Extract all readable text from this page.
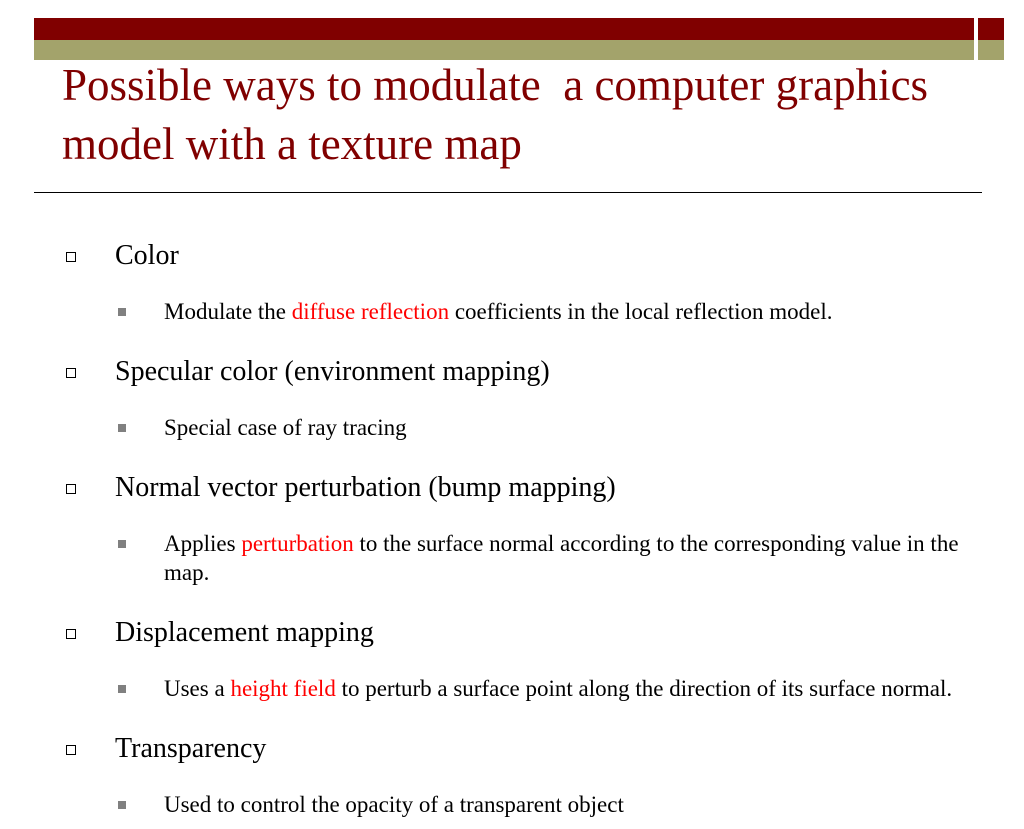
Possible ways to modulate  a computer graphics model with a texture map

Color

Modulate the diffuse reflection coefficients in the local reflection model.

Specular color (environment mapping)

Special case of ray tracing

Normal vector perturbation (bump mapping)

Applies perturbation to the surface normal according to the corresponding value in the map.

Displacement mapping

Uses a height field to perturb a surface point along the direction of its surface normal.

Transparency

Used to control the opacity of a transparent object
